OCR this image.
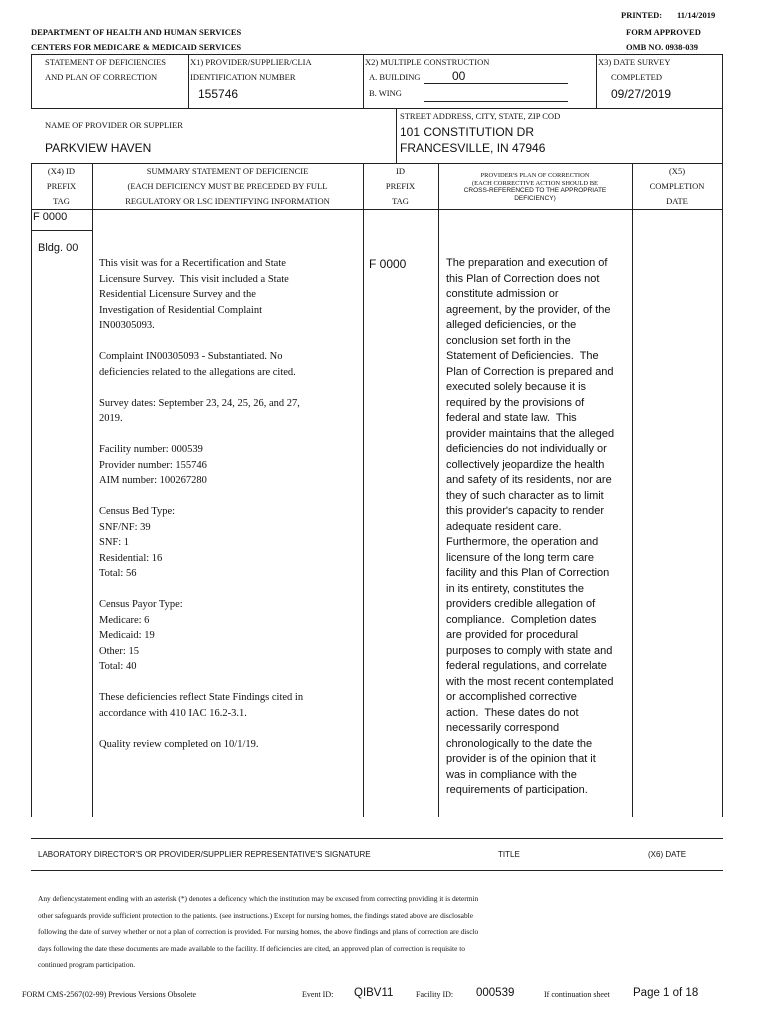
PRINTED: 11/14/2019
DEPARTMENT OF HEALTH AND HUMAN SERVICES
CENTERS FOR MEDICARE & MEDICAID SERVICES
FORM APPROVED
OMB NO. 0938-039
STATEMENT OF DEFICIENCIES
AND PLAN OF CORRECTION
X1) PROVIDER/SUPPLIER/CLIA
IDENTIFICATION NUMBER
155746
X2) MULTIPLE CONSTRUCTION
A. BUILDING	00
B. WING
X3) DATE SURVEY
COMPLETED
09/27/2019
NAME OF PROVIDER OR SUPPLIER
PARKVIEW HAVEN
STREET ADDRESS, CITY, STATE, ZIP COD
101 CONSTITUTION DR
FRANCESVILLE, IN 47946
(X4) ID
PREFIX
TAG
SUMMARY STATEMENT OF DEFICIENCIE
(EACH DEFICIENCY MUST BE PRECEDED BY FULL
REGULATORY OR LSC IDENTIFYING INFORMATION
ID
PREFIX
TAG
PROVIDER'S PLAN OF CORRECTION
(EACH CORRECTIVE ACTION SHOULD BE
CROSS-REFERENCED TO THE APPROPRIATE
DEFICIENCY)
(X5)
COMPLETION
DATE
F 0000
Bldg. 00
This visit was for a Recertification and State
Licensure Survey.  This visit included a State
Residential Licensure Survey and the
Investigation of Residential Complaint
IN00305093.

Complaint IN00305093 - Substantiated. No
deficiencies related to the allegations are cited.

Survey dates: September 23, 24, 25, 26, and 27,
2019.

Facility number: 000539
Provider number: 155746
AIM number: 100267280

Census Bed Type:
SNF/NF: 39
SNF: 1
Residential: 16
Total: 56

Census Payor Type:
Medicare: 6
Medicaid: 19
Other: 15
Total: 40

These deficiencies reflect State Findings cited in
accordance with 410 IAC 16.2-3.1.

Quality review completed on 10/1/19.
F 0000	The preparation and execution of
this Plan of Correction does not
constitute admission or
agreement, by the provider, of the
alleged deficiencies, or the
conclusion set forth in the
Statement of Deficiencies.  The
Plan of Correction is prepared and
executed solely because it is
required by the provisions of
federal and state law.  This
provider maintains that the alleged
deficiencies do not individually or
collectively jeopardize the health
and safety of its residents, nor are
they of such character as to limit
this provider's capacity to render
adequate resident care.
Furthermore, the operation and
licensure of the long term care
facility and this Plan of Correction
in its entirety, constitutes the
providers credible allegation of
compliance.  Completion dates
are provided for procedural
purposes to comply with state and
federal regulations, and correlate
with the most recent contemplated
or accomplished corrective
action.  These dates do not
necessarily correspond
chronologically to the date the
provider is of the opinion that it
was in compliance with the
requirements of participation.
LABORATORY DIRECTOR'S OR PROVIDER/SUPPLIER REPRESENTATIVE'S SIGNATURE	TITLE	(X6) DATE
Any defiencystatement ending with an asterisk (*) denotes a deficency which the institution may be excused from correcting providing it is determin
other safeguards provide sufficient protection to the patients. (see instructions.) Except for nursing homes, the findings stated above are disclosable
following the date of survey whether or not a plan of correction is provided. For nursing homes, the above findings and plans of correction are disclo
days following the date these documents are made available to the facility. If deficiencies are cited, an approved plan of correction is requisite to
continued program participation.
FORM CMS-2567(02-99) Previous Versions Obsolete	Event ID: QIBV11	Facility ID: 000539	If continuation sheet Page 1 of 18
